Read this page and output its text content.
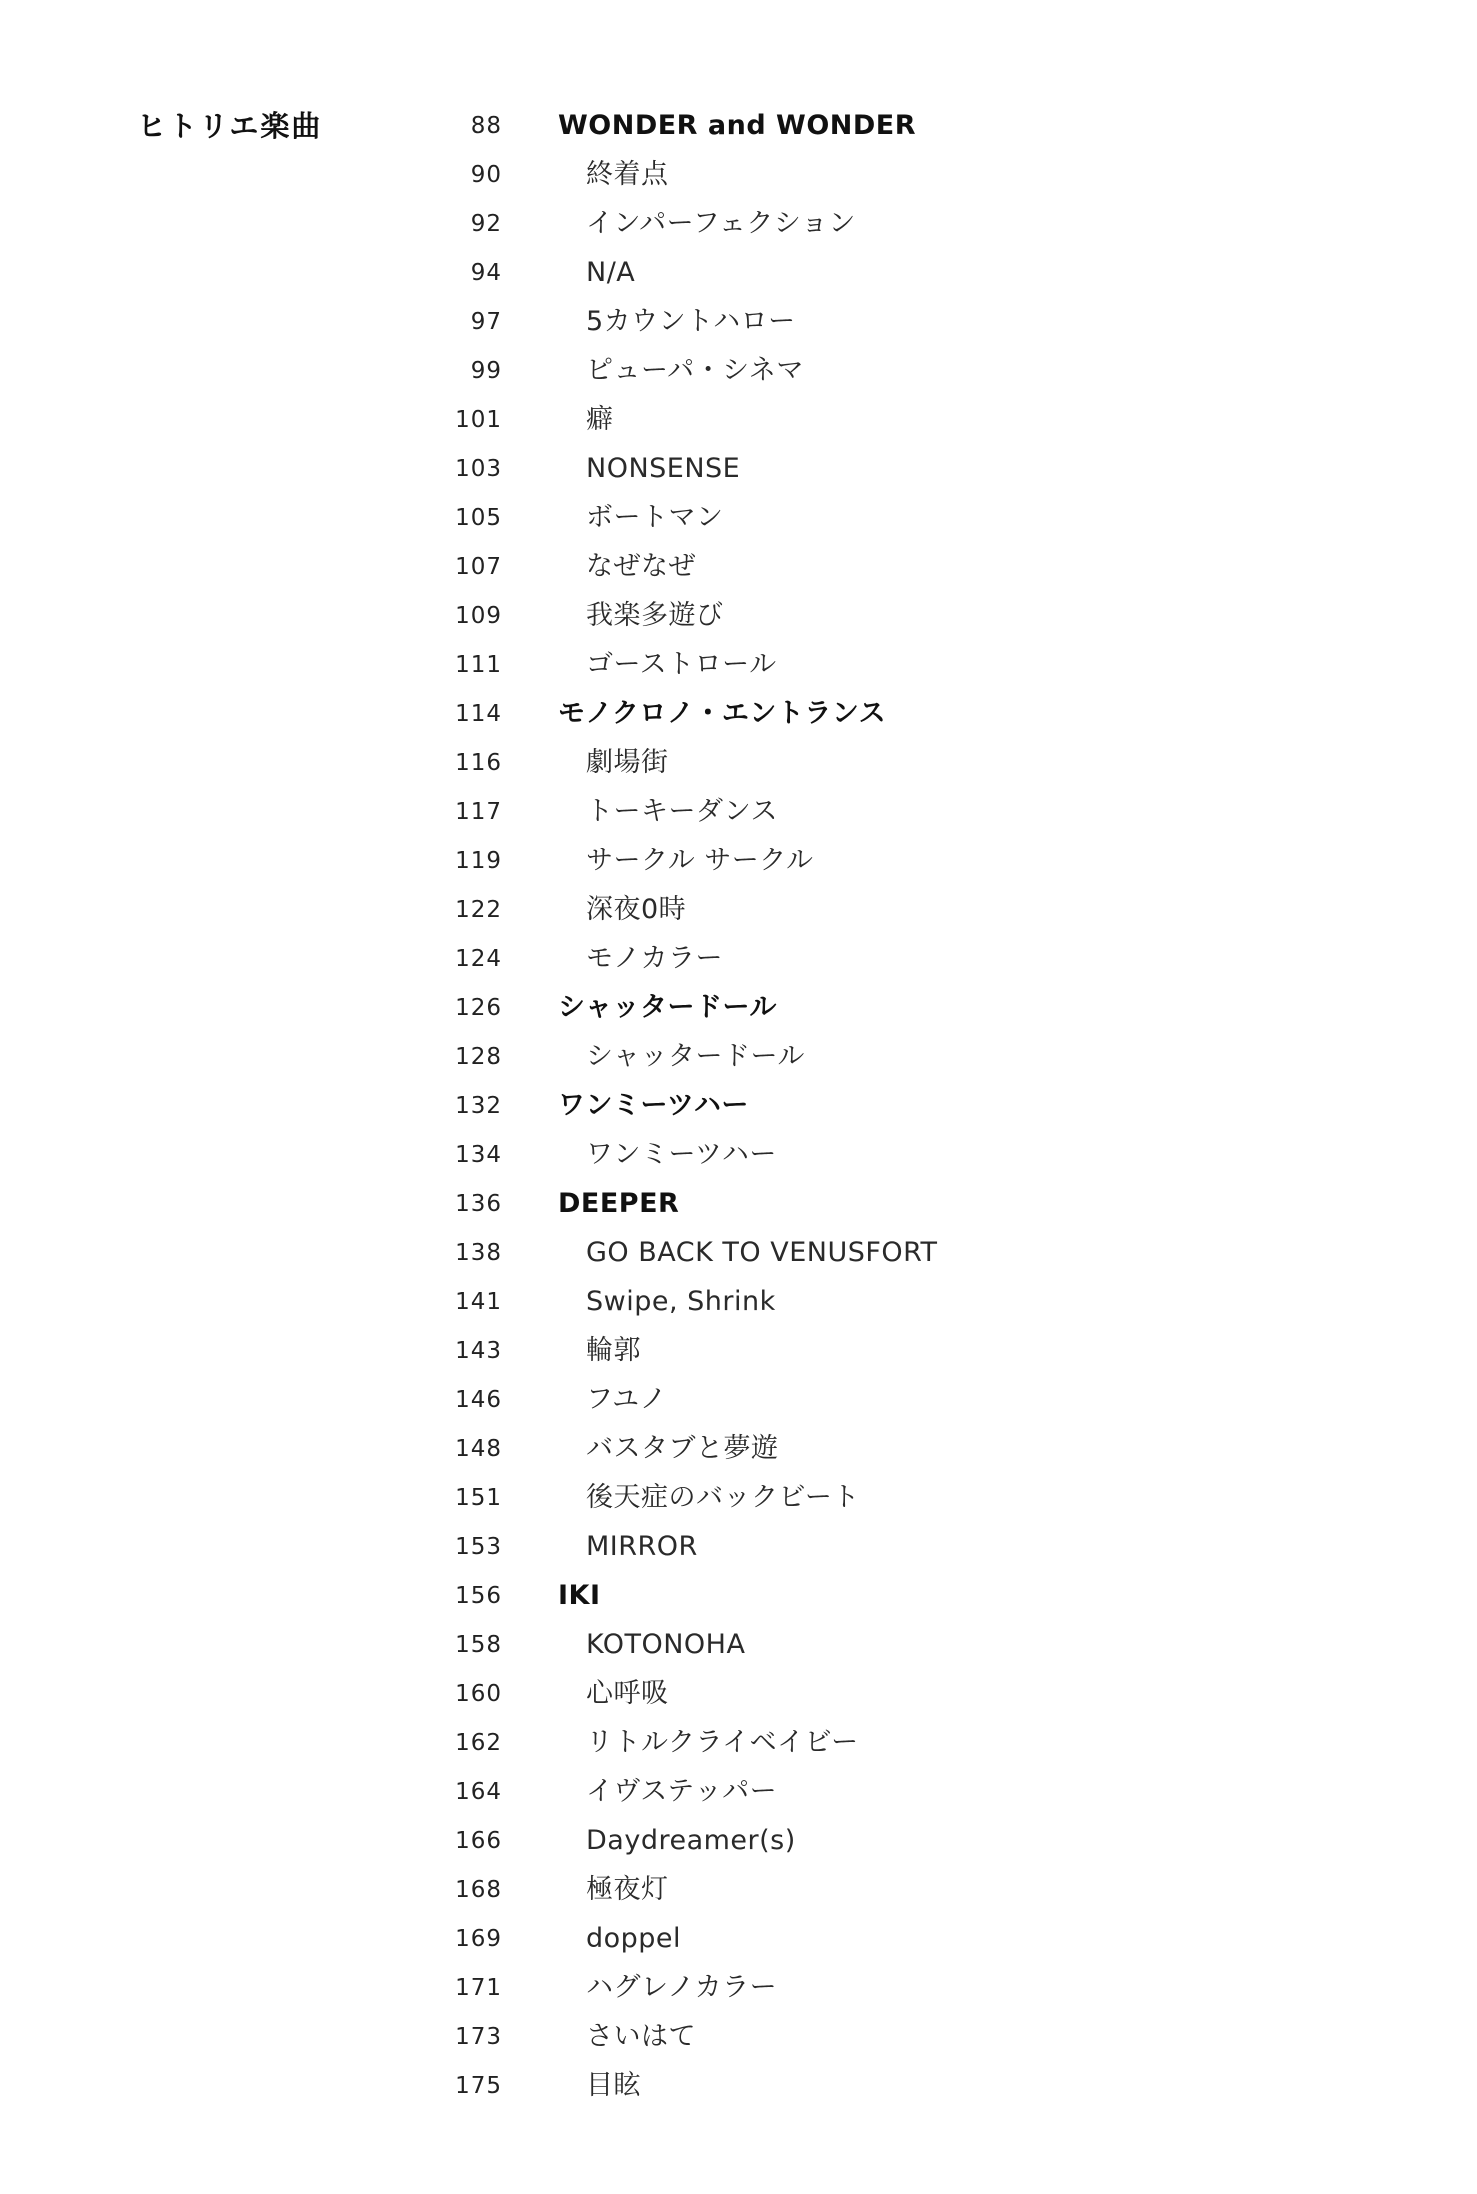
ヒトリエ楽曲	88 WONDER and WONDER
90	終着点
92	インパーフェクション
94	N/A
97	5カウントハロー
99	ピューパ・シネマ
101	癖
103	NONSENSE
105	ボートマン
107	なぜなぜ
109	我楽多遊び
111	ゴーストロール
114 モノクロノ・エントランス
116	劇場街
117	トーキーダンス
119	サークル サークル
122	深夜0時
124	モノカラー
126 シャッタードール
128	シャッタードール
132 ワンミーツハー
134	ワンミーツハー
136 DEEPER
138	GO BACK TO VENUSFORT
141	Swipe, Shrink
143	輪郭
146	フユノ
148	バスタブと夢遊
151	後天症のバックビート
153	MIRROR
156 IKI
158	KOTONOHA
160	心呼吸
162	リトルクライベイビー
164	イヴステッパー
166	Daydreamer(s)
168	極夜灯
169	doppel
171	ハグレノカラー
173	さいはて
175	目眩
